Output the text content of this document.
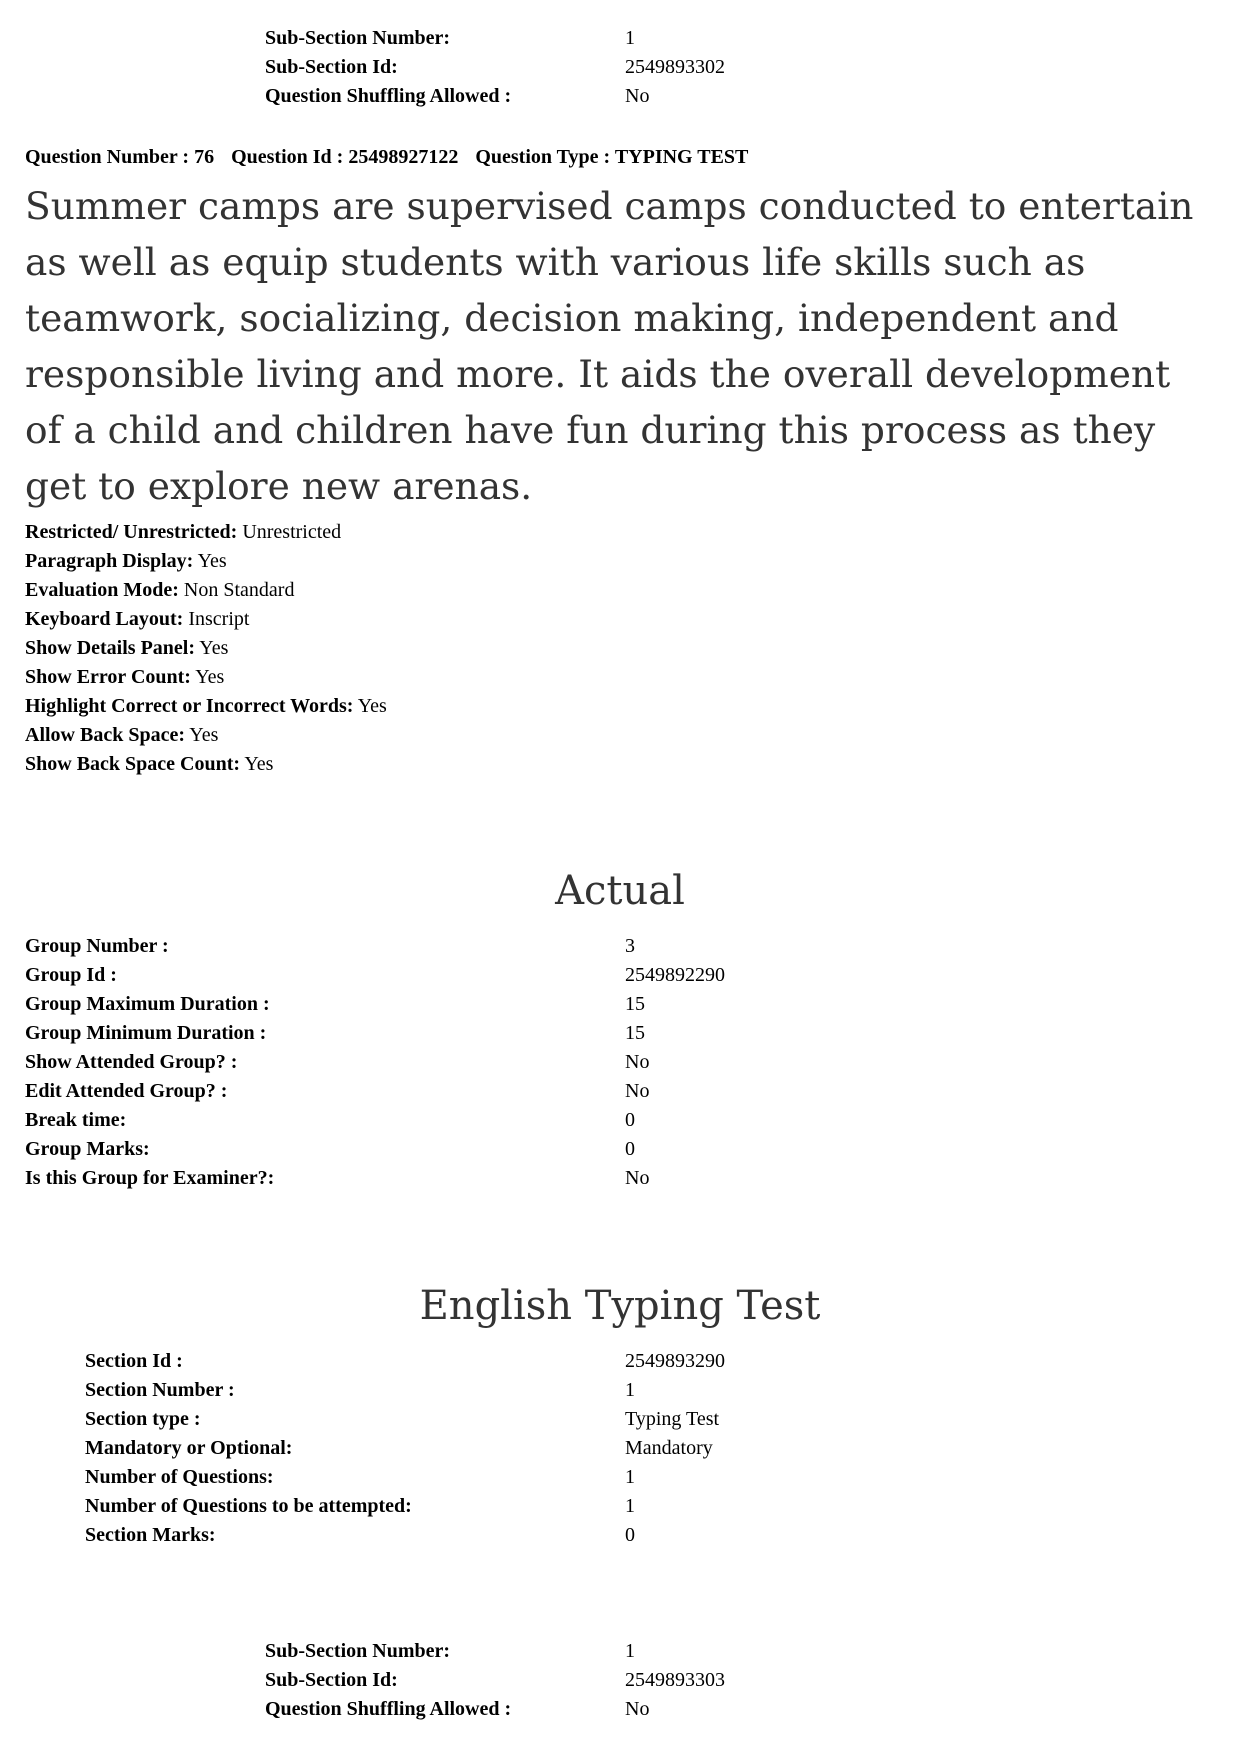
Sub-Section Number:	1
Sub-Section Id:	2549893302
Question Shuffling Allowed :	No
Question Number : 76 Question Id : 25498927122 Question Type : TYPING TEST
Summer camps are supervised camps conducted to entertain
as well as equip students with various life skills such as
teamwork, socializing, decision making, independent and
responsible living and more. It aids the overall development
of a child and children have fun during this process as they
get to explore new arenas.
Restricted/ Unrestricted: Unrestricted
Paragraph Display: Yes
Evaluation Mode: Non Standard
Keyboard Layout: Inscript
Show Details Panel: Yes
Show Error Count: Yes
Highlight Correct or Incorrect Words: Yes
Allow Back Space: Yes
Show Back Space Count: Yes
Actual
Group Number :	3
Group Id :	2549892290
Group Maximum Duration :	15
Group Minimum Duration :	15
Show Attended Group? :	No
Edit Attended Group? :	No
Break time:	0
Group Marks:	0
Is this Group for Examiner?:	No
English Typing Test
Section Id :	2549893290
Section Number :	1
Section type :	Typing Test
Mandatory or Optional:	Mandatory
Number of Questions:	1
Number of Questions to be attempted:	1
Section Marks:	0
Sub-Section Number:	1
Sub-Section Id:	2549893303
Question Shuffling Allowed :	No
